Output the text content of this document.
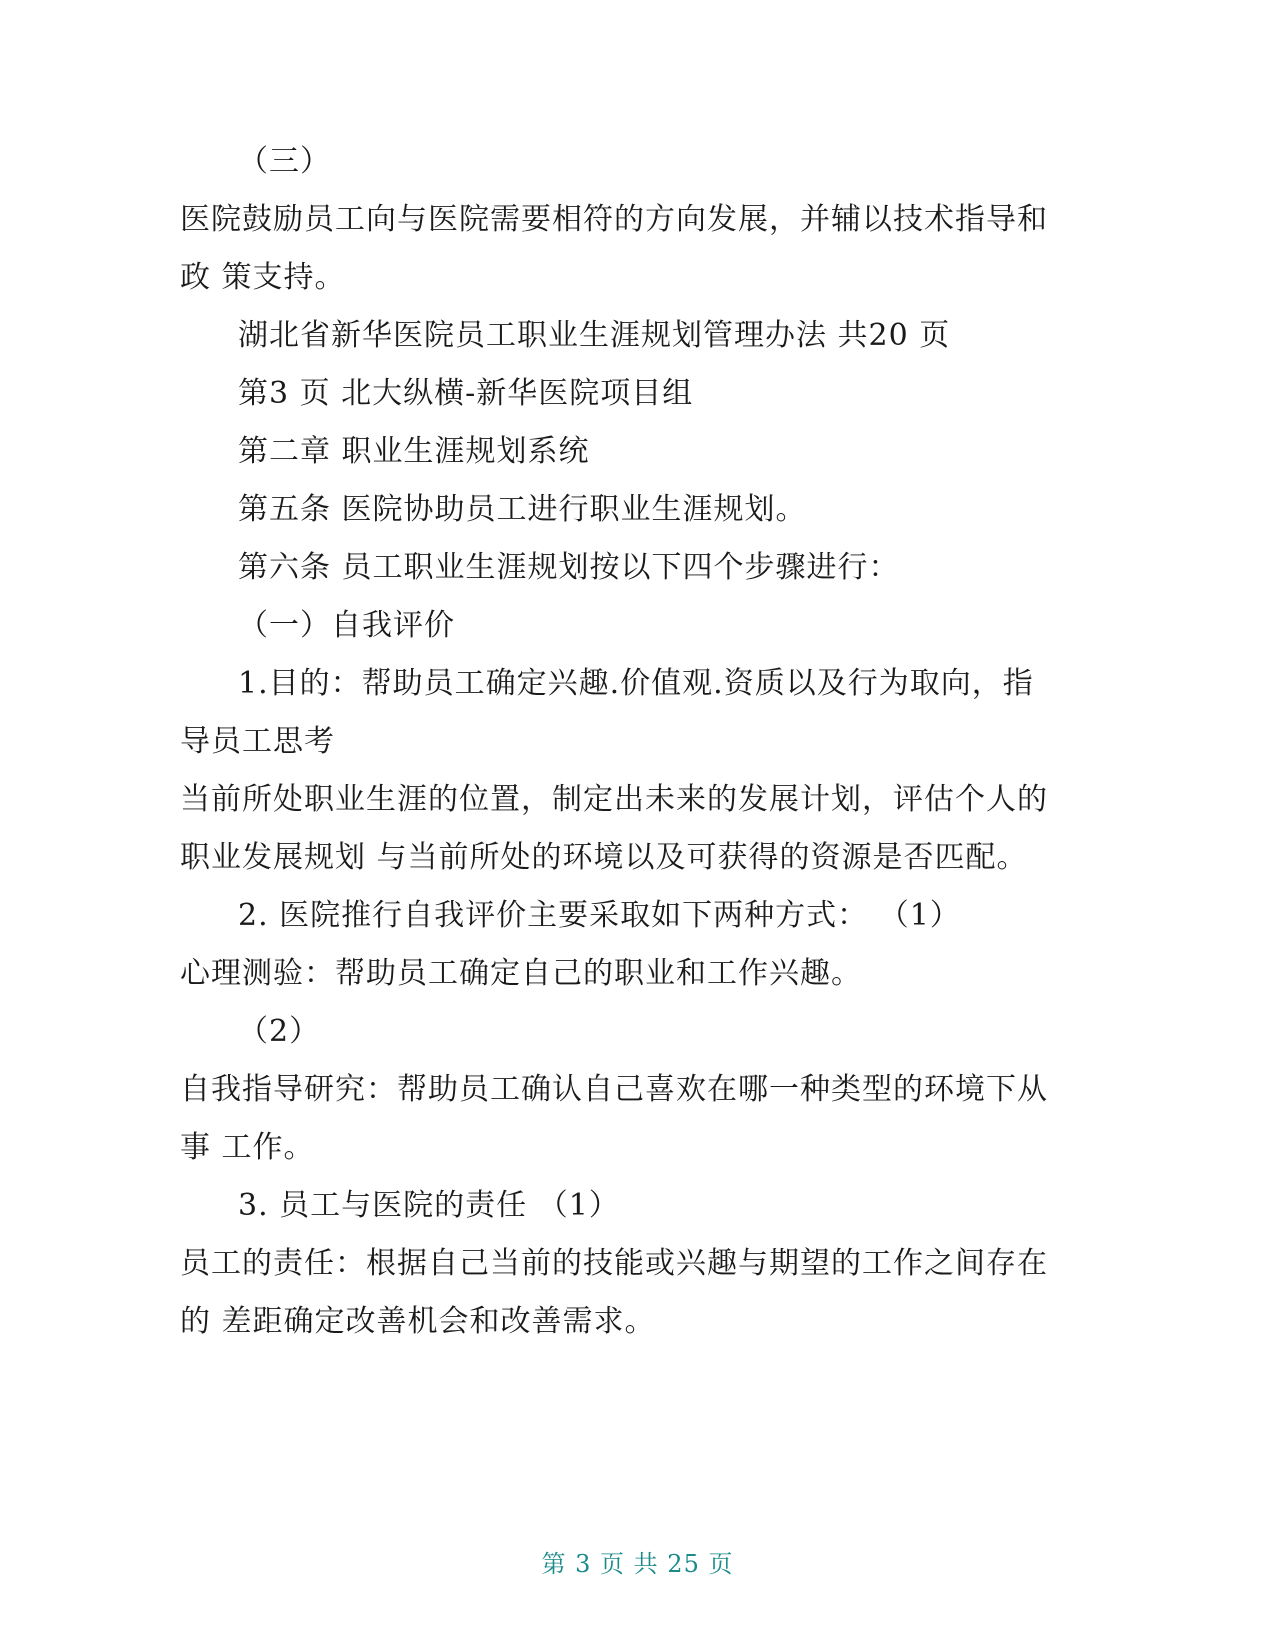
（三）
医院鼓励员工向与医院需要相符的方向发展，并辅以技术指导和
政 策支持。
湖北省新华医院员工职业生涯规划管理办法 共20 页
第3 页 北大纵横-新华医院项目组
第二章 职业生涯规划系统
第五条 医院协助员工进行职业生涯规划。
第六条 员工职业生涯规划按以下四个步骤进行：
（一）自我评价
1.目的：帮助员工确定兴趣.价值观.资质以及行为取向，指
导员工思考
当前所处职业生涯的位置，制定出未来的发展计划，评估个人的
职业发展规划 与当前所处的环境以及可获得的资源是否匹配。
2. 医院推行自我评价主要采取如下两种方式： （1）
心理测验：帮助员工确定自己的职业和工作兴趣。
（2）
自我指导研究：帮助员工确认自己喜欢在哪一种类型的环境下从
事 工作。
3. 员工与医院的责任 （1）
员工的责任：根据自己当前的技能或兴趣与期望的工作之间存在
的 差距确定改善机会和改善需求。
第 3 页 共 25 页
